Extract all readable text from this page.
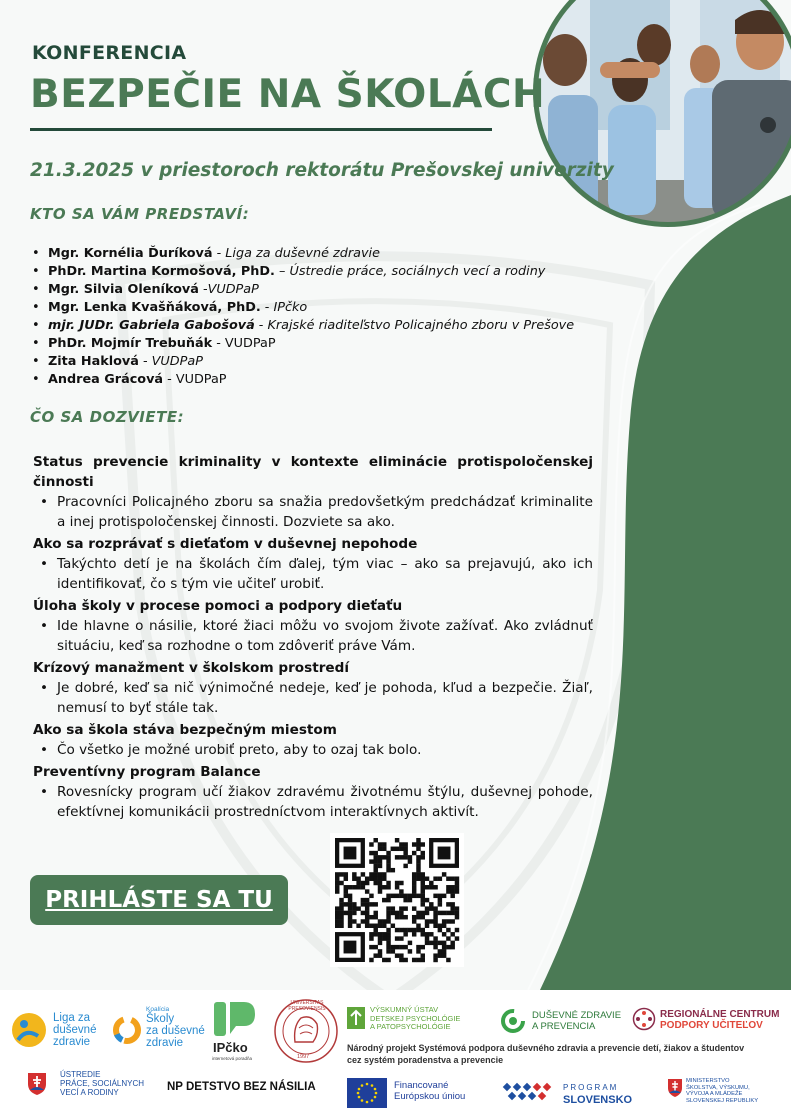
KONFERENCIA
BEZPEČIE NA ŠKOLÁCH
21.3.2025 v priestoroch rektorátu Prešovskej univerzity
KTO SA VÁM PREDSTAVÍ:
• Mgr. Kornélia Ďuríková - Liga za duševné zdravie
• PhDr. Martina Kormošová, PhD. – Ústredie práce, sociálnych vecí a rodiny
• Mgr. Silvia Oleníková -VUDPaP
• Mgr. Lenka Kvašňáková, PhD. - IPčko
• mjr. JUDr. Gabriela Gabošová - Krajské riaditeľstvo Policajného zboru v Prešove
• PhDr. Mojmír Trebuňák - VUDPaP
• Zita Haklová - VUDPaP
• Andrea Grácová - VUDPaP
ČO SA DOZVIETE:
Status prevencie kriminality v kontexte eliminácie protispoločenskej činnosti
• Pracovníci Policajného zboru sa snažia predovšetkým predchádzať kriminalite a inej protispoločenskej činnosti. Dozviete sa ako.
Ako sa rozprávať s dieťaťom v duševnej nepohode
• Takýchto detí je na školách čím ďalej, tým viac – ako sa prejavujú, ako ich identifikovať, čo s tým vie učiteľ urobiť.
Úloha školy v procese pomoci a podpory dieťaťu
• Ide hlavne o násilie, ktoré žiaci môžu vo svojom živote zažívať. Ako zvládnuť situáciu, keď sa rozhodne o tom zdôveriť práve Vám.
Krízový manažment v školskom prostredí
• Je dobré, keď sa nič výnimočné nedeje, keď je pohoda, kľud a bezpečie. Žiaľ, nemusí to byť stále tak.
Ako sa škola stáva bezpečným miestom
• Čo všetko je možné urobiť preto, aby to ozaj tak bolo.
Preventívny program Balance
• Rovesnícky program učí žiakov zdravému životnému štýlu, duševnej pohode, efektívnej komunikácii prostredníctvom interaktívnych aktivít.
PRIHLÁSTE SA TU
Liga za
duševné
zdravie
Koalícia
Školy
za duševné
zdravie	IPčko
internetová poradňa
UNIVERSITAS PRESOVIENSIS
1997
VÝSKUMNÝ ÚSTAV
DETSKEJ PSYCHOLÓGIE
A PATOPSYCHOLÓGIE
DUŠEVNÉ ZDRAVIE
A PREVENCIA
REGIONÁLNE CENTRUM
PODPORY UČITEĽOV
Národný projekt Systémová podpora duševného zdravia a prevencie detí, žiakov a študentov
cez systém poradenstva a prevencie
ÚSTREDIE
PRÁCE, SOCIÁLNYCH
VECÍ A RODINY	NP DETSTVO BEZ NÁSILIA	Financované
Európskou úniou
PROGRAM
SLOVENSKO
MINISTERSTVO
ŠKOLSTVA, VÝSKUMU,
VÝVOJA A MLÁDEŽE
SLOVENSKEJ REPUBLIKY
